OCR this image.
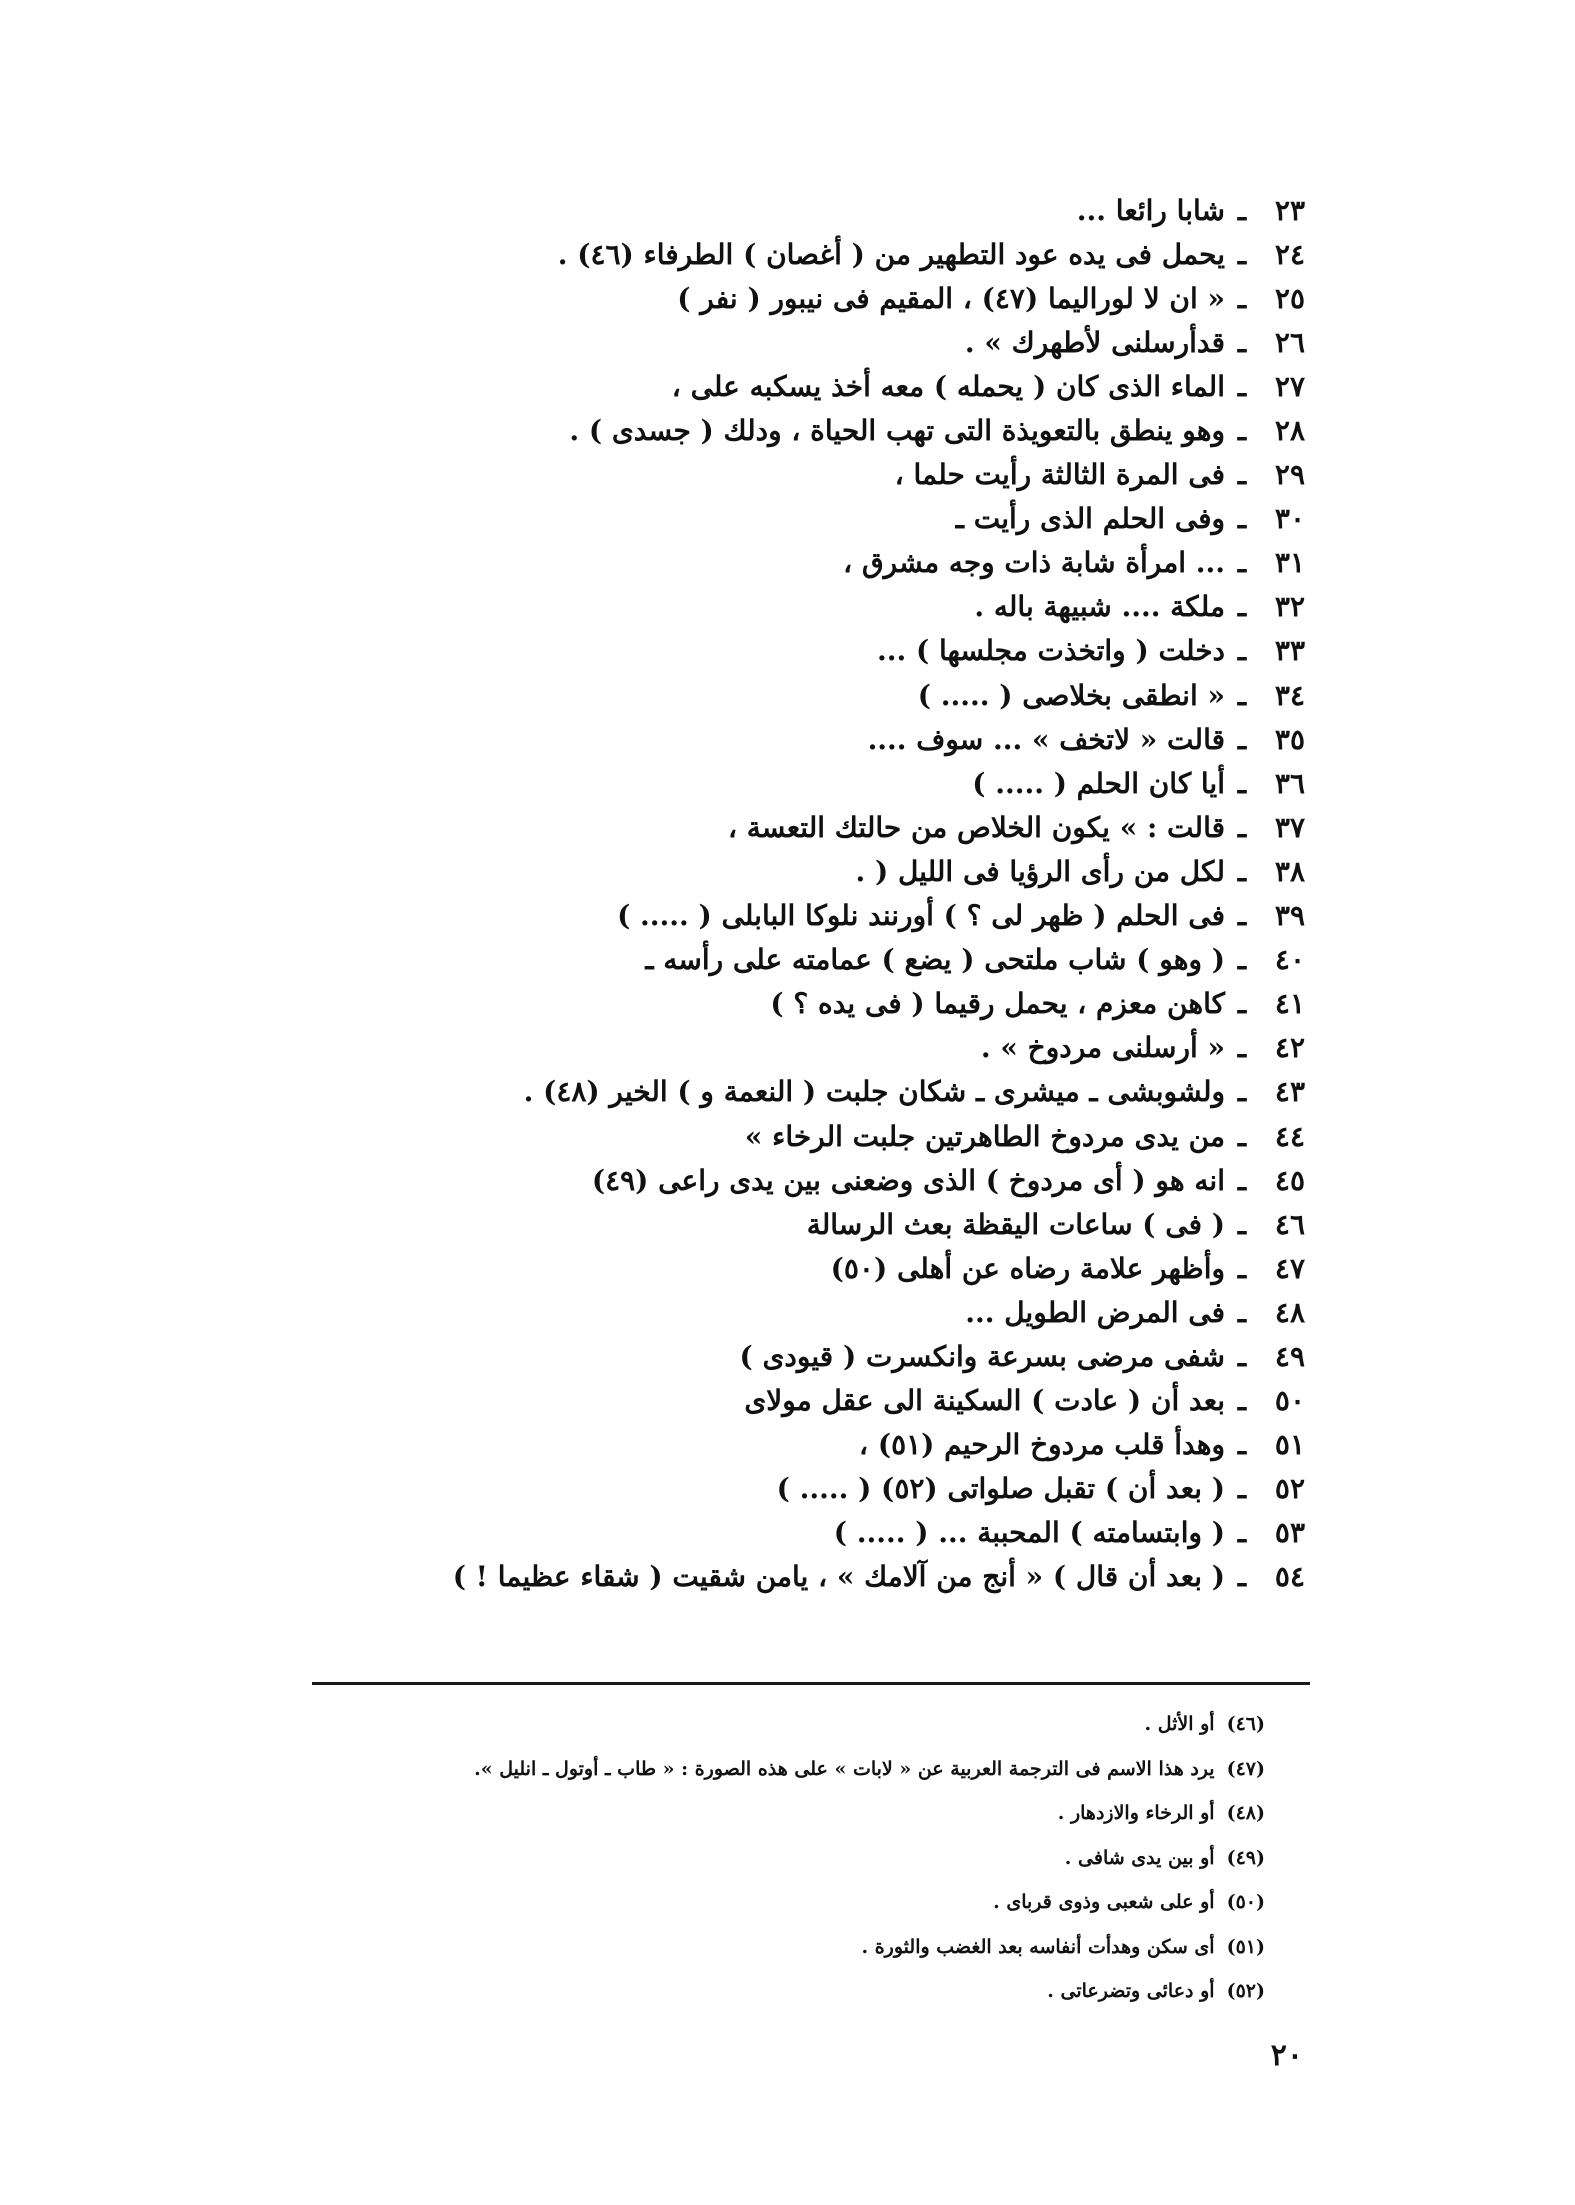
٢٣
ـ
شابا رائعا ...
٢٤
ـ
يحمل فى يده عود التطهير من ( أغصان ) الطرفاء (٤٦) .
٢٥
ـ
« ان لا لوراليما (٤٧) ، المقيم فى نيبور ( نفر )
٢٦
ـ
قدأرسلنى لأطهرك » .
٢٧
ـ
الماء الذى كان ( يحمله ) معه أخذ يسكبه على ،
٢٨
ـ
وهو ينطق بالتعويذة التى تهب الحياة ، ودلك ( جسدى ) .
٢٩
ـ
فى المرة الثالثة رأيت حلما ،
٣٠
ـ
وفى الحلم الذى رأيت ـ
٣١
ـ
... امرأة شابة ذات وجه مشرق ،
٣٢
ـ
ملكة .... شبيهة باله .
٣٣
ـ
دخلت ( واتخذت مجلسها ) ...
٣٤
ـ
« انطقى بخلاصى ( ..... )
٣٥
ـ
قالت « لاتخف » ... سوف ....
٣٦
ـ
أيا كان الحلم ( ..... )
٣٧
ـ
قالت : » يكون الخلاص من حالتك التعسة ،
٣٨
ـ
لكل من رأى الرؤيا فى الليل ( .
٣٩
ـ
فى الحلم ( ظهر لى ؟ ) أورنند نلوكا البابلى ( ..... )
٤٠
ـ
( وهو ) شاب ملتحى ( يضع ) عمامته على رأسه ـ
٤١
ـ
كاهن معزم ، يحمل رقيما ( فى يده ؟ )
٤٢
ـ
« أرسلنى مردوخ » .
٤٣
ـ
ولشوبشى ـ ميشرى ـ شكان جلبت ( النعمة و ) الخير (٤٨) .
٤٤
ـ
من يدى مردوخ الطاهرتين جلبت الرخاء »
٤٥
ـ
انه هو ( أى مردوخ ) الذى وضعنى بين يدى راعى (٤٩)
٤٦
ـ
( فى ) ساعات اليقظة بعث الرسالة
٤٧
ـ
وأظهر علامة رضاه عن أهلى (٥٠)
٤٨
ـ
فى المرض الطويل ...
٤٩
ـ
شفى مرضى بسرعة وانكسرت ( قيودى )
٥٠
ـ
بعد أن ( عادت ) السكينة الى عقل مولاى
٥١
ـ
وهدأ قلب مردوخ الرحيم (٥١) ،
٥٢
ـ
( بعد أن ) تقبل صلواتى (٥٢) ( ..... )
٥٣
ـ
( وابتسامته ) المحببة ... ( ..... )
٥٤
ـ
( بعد أن قال ) « أنج من آلامك » ، يامن شقيت ( شقاء عظيما ! )
(٤٦)
أو الأثل .
(٤٧)
يرد هذا الاسم فى الترجمة العربية عن « لابات » على هذه الصورة : « طاب ـ أوتول ـ انليل ».
(٤٨)
أو الرخاء والازدهار .
(٤٩)
أو بين يدى شافى .
(٥٠)
أو على شعبى وذوى قرباى .
(٥١)
أى سكن وهدأت أنفاسه بعد الغضب والثورة .
(٥٢)
أو دعائى وتضرعاتى .
٢٠
